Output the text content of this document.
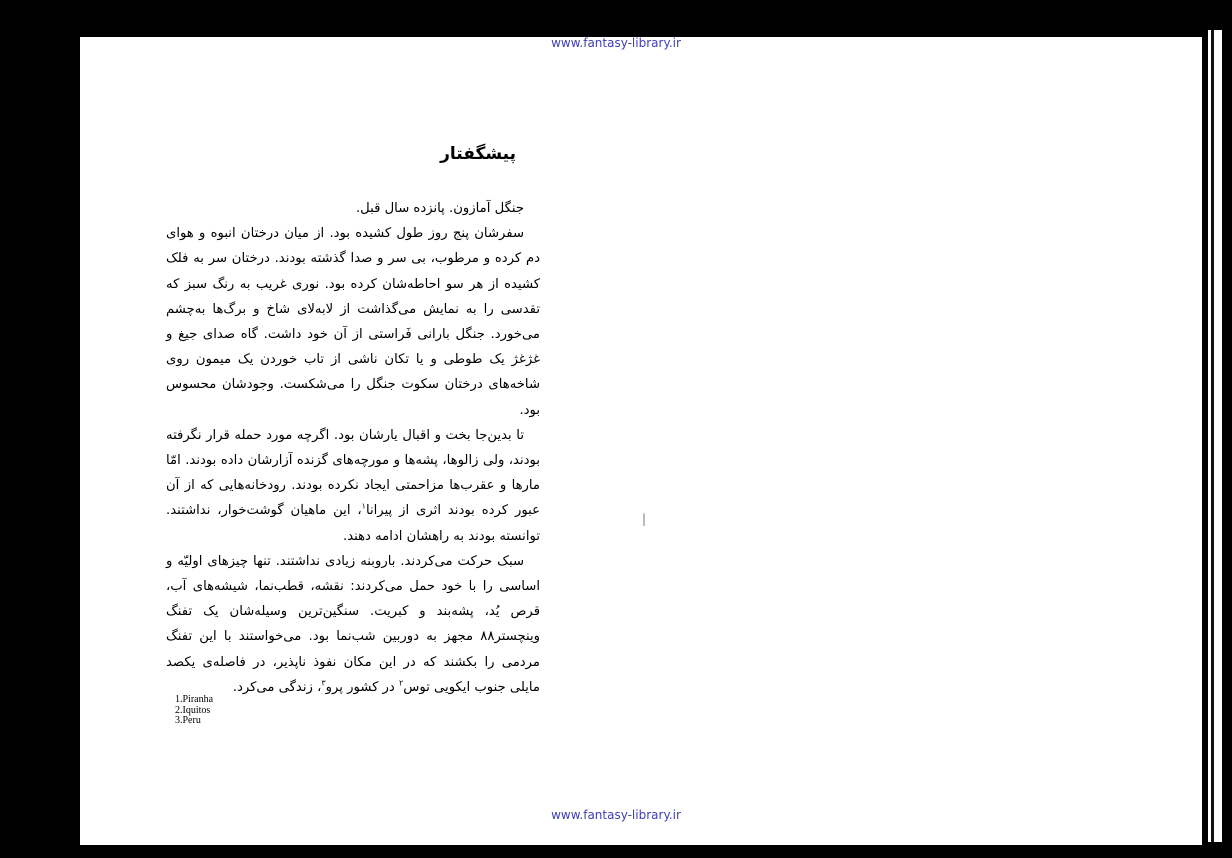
www.fantasy-library.ir
پیشگفتار

جنگل آمازون. پانزده سال قبل.

سفرشان پنج روز طول کشیده بود. از میان درختان انبوه و هوای دم کرده و مرطوب، بی سر و صدا گذشته بودند. درختان سر به فلک کشیده از هر سو احاطه‌شان کرده بود. نوری غریب به رنگ سبز که تقدسی را به نمایش می‌گذاشت از لابه‌لای شاخ و برگ‌ها به‌چشم می‌خورد. جنگل بارانی فَراستی از آن خود داشت. گاه صدای جیغ و غژغژ یک طوطی و یا تکان ناشی از تاب خوردن یک میمون روی شاخه‌های درختان سکوت جنگل را می‌شکست. وجودشان محسوس بود.

تا بدین‌جا بخت و اقبال یارشان بود. اگرچه مورد حمله قرار نگرفته بودند، ولی زالوها، پشه‌ها و مورچه‌های گزنده آزارشان داده بودند. امّا مارها و عقرب‌ها مزاحمتی ایجاد نکرده بودند. رودخانه‌هایی که از آن عبور کرده بودند اثری از پیرانا$^۱$، این ماهیان گوشت‌خوار، نداشتند. توانسته بودند به راهشان ادامه دهند.

سبک حرکت می‌کردند. باروبنه زیادی نداشتند. تنها چیزهای اولیّه و اساسی را با خود حمل می‌کردند: نقشه، قطب‌نما، شیشه‌های آب، قرص یُد، پشه‌بند و کبریت. سنگین‌ترین وسیله‌شان یک تفنگ وینچستر۸۸ مجهز به دوربین شب‌نما بود. می‌خواستند با این تفنگ مردمی را بکشند که در این مکان نفوذ ناپذیر، در فاصله‌ی یکصد مایلی جنوب ایکویی توس$^۲$ در کشور پرو$^۳$، زندگی می‌کرد.

1.Piranha
2.Iquitos
3.Peru
www.fantasy-library.ir
|
